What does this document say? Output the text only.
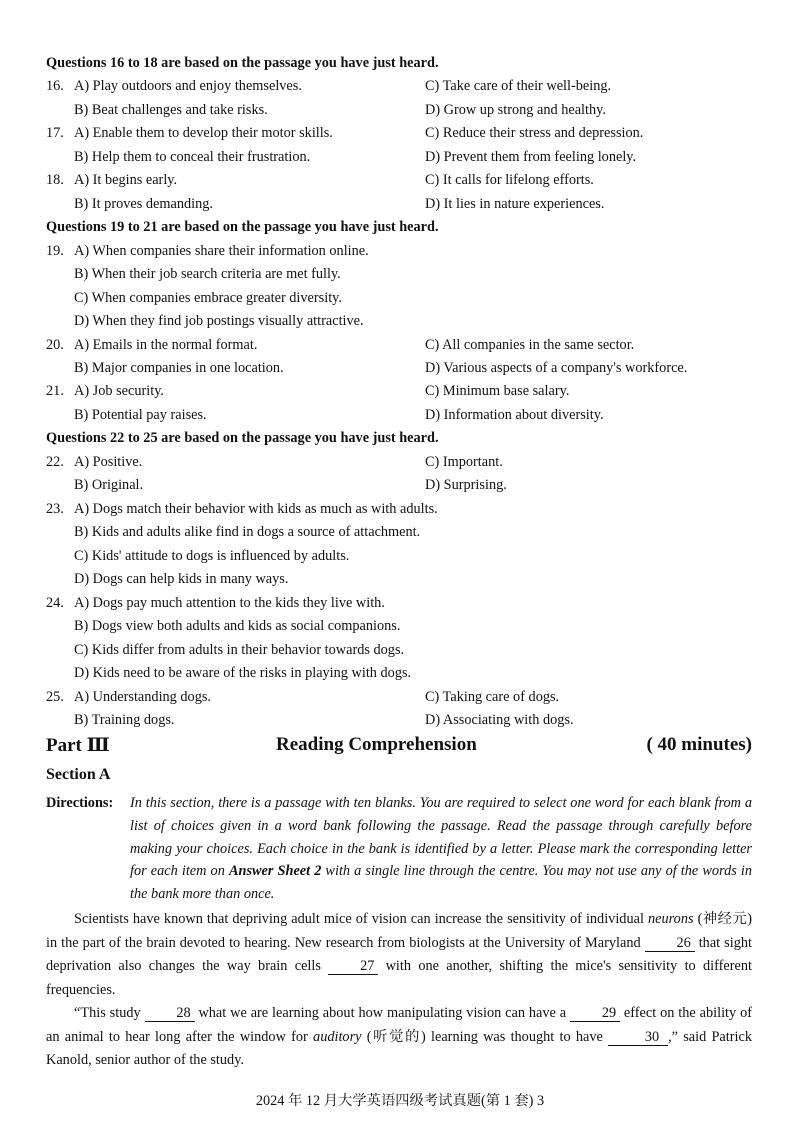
Questions 16 to 18 are based on the passage you have just heard.
16. A) Play outdoors and enjoy themselves.	C) Take care of their well-being.
B) Beat challenges and take risks.	D) Grow up strong and healthy.
17. A) Enable them to develop their motor skills.	C) Reduce their stress and depression.
B) Help them to conceal their frustration.	D) Prevent them from feeling lonely.
18. A) It begins early.	C) It calls for lifelong efforts.
B) It proves demanding.	D) It lies in nature experiences.
Questions 19 to 21 are based on the passage you have just heard.
19. A) When companies share their information online.
B) When their job search criteria are met fully.
C) When companies embrace greater diversity.
D) When they find job postings visually attractive.
20. A) Emails in the normal format.	C) All companies in the same sector.
B) Major companies in one location.	D) Various aspects of a company's workforce.
21. A) Job security.	C) Minimum base salary.
B) Potential pay raises.	D) Information about diversity.
Questions 22 to 25 are based on the passage you have just heard.
22. A) Positive.	C) Important.
B) Original.	D) Surprising.
23. A) Dogs match their behavior with kids as much as with adults.
B) Kids and adults alike find in dogs a source of attachment.
C) Kids' attitude to dogs is influenced by adults.
D) Dogs can help kids in many ways.
24. A) Dogs pay much attention to the kids they live with.
B) Dogs view both adults and kids as social companions.
C) Kids differ from adults in their behavior towards dogs.
D) Kids need to be aware of the risks in playing with dogs.
25. A) Understanding dogs.	C) Taking care of dogs.
B) Training dogs.	D) Associating with dogs.
Part Ⅲ	Reading Comprehension	( 40 minutes)
Section A
Directions: In this section, there is a passage with ten blanks. You are required to select one word for each blank from a list of choices given in a word bank following the passage. Read the passage through carefully before making your choices. Each choice in the bank is identified by a letter. Please mark the corresponding letter for each item on Answer Sheet 2 with a single line through the centre. You may not use any of the words in the bank more than once.
Scientists have known that depriving adult mice of vision can increase the sensitivity of individual neurons (神经元) in the part of the brain devoted to hearing. New research from biologists at the University of Maryland 26 that sight deprivation also changes the way brain cells 27 with one another, shifting the mice's sensitivity to different frequencies.
“This study 28 what we are learning about how manipulating vision can have a 29 effect on the ability of an animal to hear long after the window for auditory (听觉的) learning was thought to have	30 ,” said Patrick Kanold, senior author of the study.
2024 年 12 月大学英语四级考试真题(第 1 套) 3
